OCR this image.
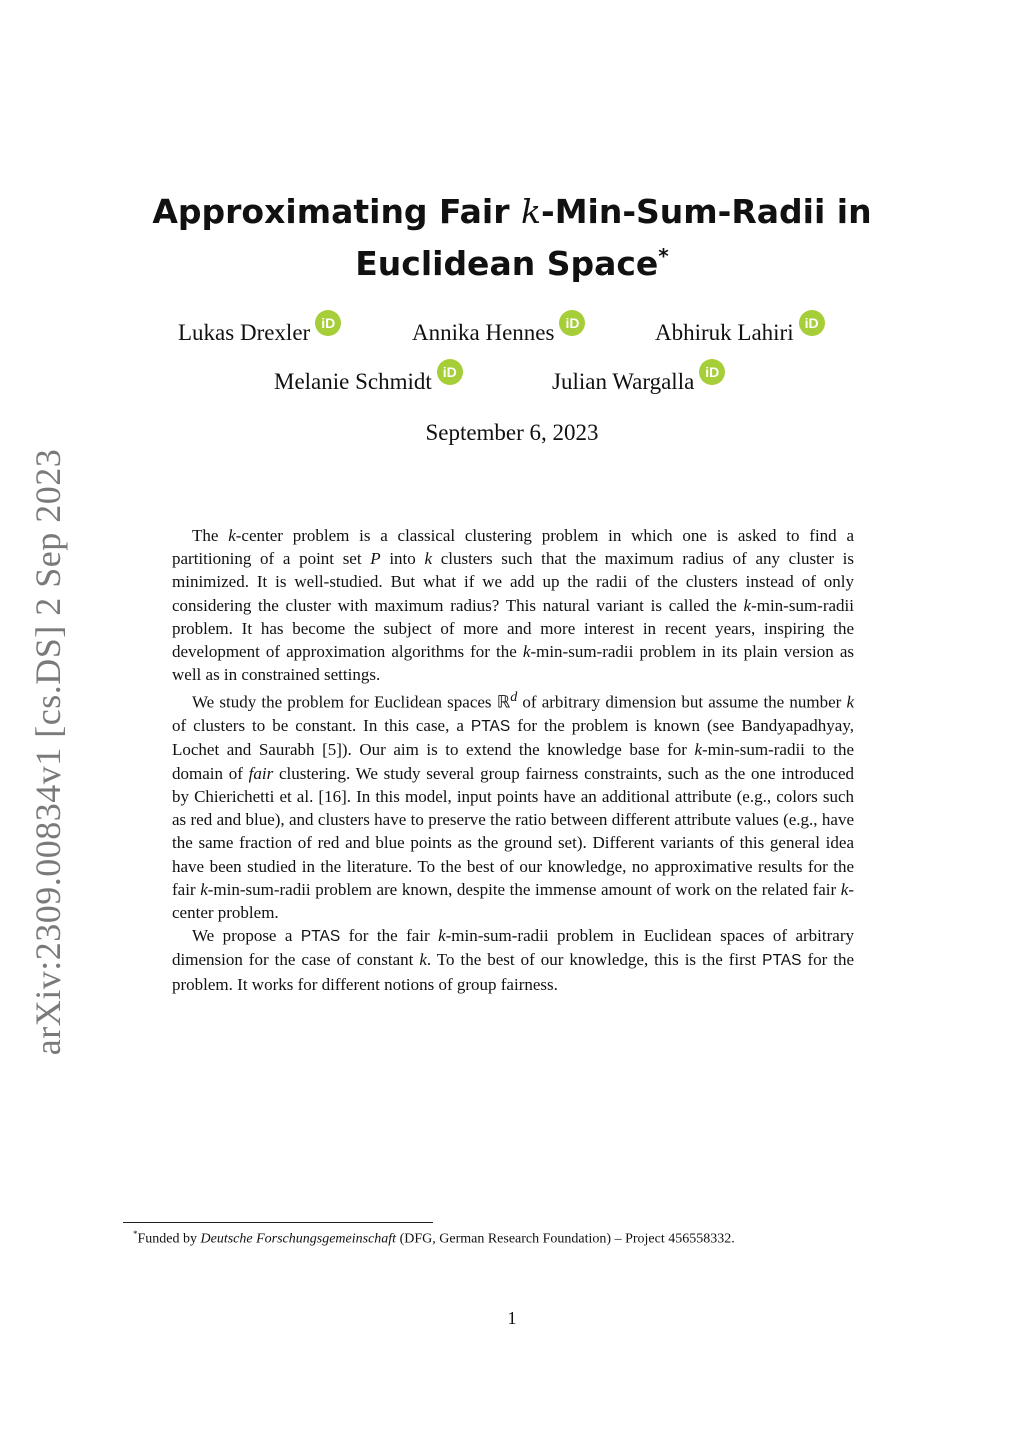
arXiv:2309.00834v1 [cs.DS] 2 Sep 2023
Approximating Fair k-Min-Sum-Radii in
Euclidean Space*
Lukas Drexler iD	Annika Hennes iD	Abhiruk Lahiri iD
Melanie Schmidt iD	Julian Wargalla iD
September 6, 2023

The k-center problem is a classical clustering problem in which one is asked to find a partitioning of a point set P into k clusters such that the maximum radius of any cluster is minimized. It is well-studied. But what if we add up the radii of the clusters instead of only considering the cluster with maximum radius? This natural variant is called the k-min-sum-radii problem. It has become the subject of more and more interest in recent years, inspiring the development of approximation algorithms for the k-min-sum-radii problem in its plain version as well as in constrained settings.

We study the problem for Euclidean spaces ℝ$^d$ of arbitrary dimension but assume the number k of clusters to be constant. In this case, a PTAS for the problem is known (see Bandyapadhyay, Lochet and Saurabh [5]). Our aim is to extend the knowledge base for k-min-sum-radii to the domain of fair clustering. We study several group fairness constraints, such as the one introduced by Chierichetti et al. [16]. In this model, input points have an additional attribute (e.g., colors such as red and blue), and clusters have to preserve the ratio between different attribute values (e.g., have the same fraction of red and blue points as the ground set). Different variants of this general idea have been studied in the literature. To the best of our knowledge, no approximative results for the fair k-min-sum-radii problem are known, despite the immense amount of work on the related fair k-center problem.

We propose a PTAS for the fair k-min-sum-radii problem in Euclidean spaces of arbitrary dimension for the case of constant k. To the best of our knowledge, this is the first PTAS for the problem. It works for different notions of group fairness.

*Funded by Deutsche Forschungsgemeinschaft (DFG, German Research Foundation) – Project 456558332.
1
